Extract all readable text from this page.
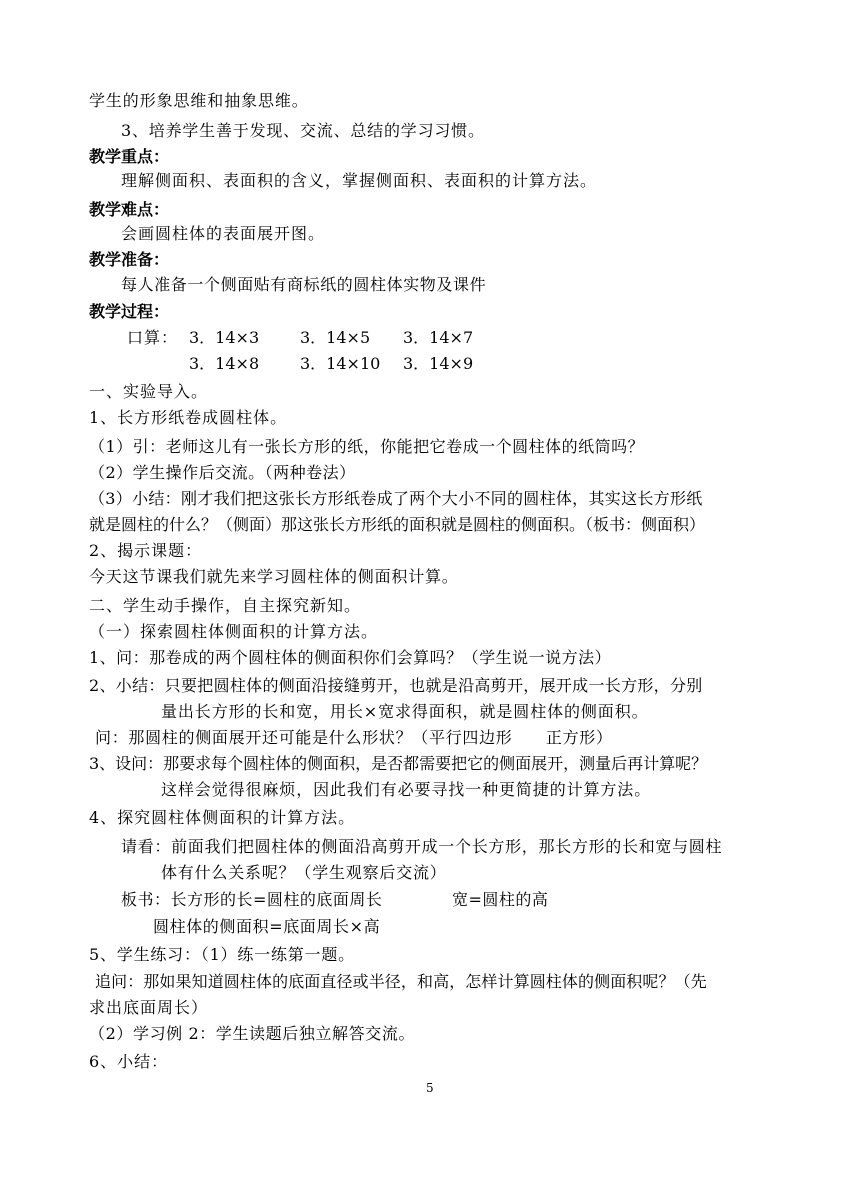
学生的形象思维和抽象思维。
3、培养学生善于发现、交流、总结的学习习惯。
教学重点：
理解侧面积、表面积的含义，掌握侧面积、表面积的计算方法。
教学难点：
会画圆柱体的表面展开图。
教学准备：
每人准备一个侧面贴有商标纸的圆柱体实物及课件
教学过程：
口算： 3．14×3	3．14×5 3．14×7
3．14×8	3．14×10 3．14×9
一、实验导入。
1、长方形纸卷成圆柱体。
（1）引：老师这儿有一张长方形的纸，你能把它卷成一个圆柱体的纸筒吗？
（2）学生操作后交流。（两种卷法）
（3）小结：刚才我们把这张长方形纸卷成了两个大小不同的圆柱体，其实这长方形纸
就是圆柱的什么？（侧面）那这张长方形纸的面积就是圆柱的侧面积。（板书：侧面积）
2、揭示课题：
今天这节课我们就先来学习圆柱体的侧面积计算。
二、学生动手操作，自主探究新知。
（一）探索圆柱体侧面积的计算方法。
1、问：那卷成的两个圆柱体的侧面积你们会算吗？（学生说一说方法）
2、小结：只要把圆柱体的侧面沿接缝剪开，也就是沿高剪开，展开成一长方形，分别
量出长方形的长和宽，用长×宽求得面积，就是圆柱体的侧面积。
问：那圆柱的侧面展开还可能是什么形状？（平行四边形　　正方形）
3、设问：那要求每个圆柱体的侧面积，是否都需要把它的侧面展开，测量后再计算呢？
这样会觉得很麻烦，因此我们有必要寻找一种更简捷的计算方法。
4、探究圆柱体侧面积的计算方法。
请看：前面我们把圆柱体的侧面沿高剪开成一个长方形，那长方形的长和宽与圆柱
体有什么关系呢？（学生观察后交流）
板书：长方形的长=圆柱的底面周长	宽=圆柱的高
圆柱体的侧面积=底面周长×高
5、学生练习：（1）练一练第一题。
追问：那如果知道圆柱体的底面直径或半径，和高，怎样计算圆柱体的侧面积呢？（先
求出底面周长）
（2）学习例 2：学生读题后独立解答交流。
6、小结：
5
